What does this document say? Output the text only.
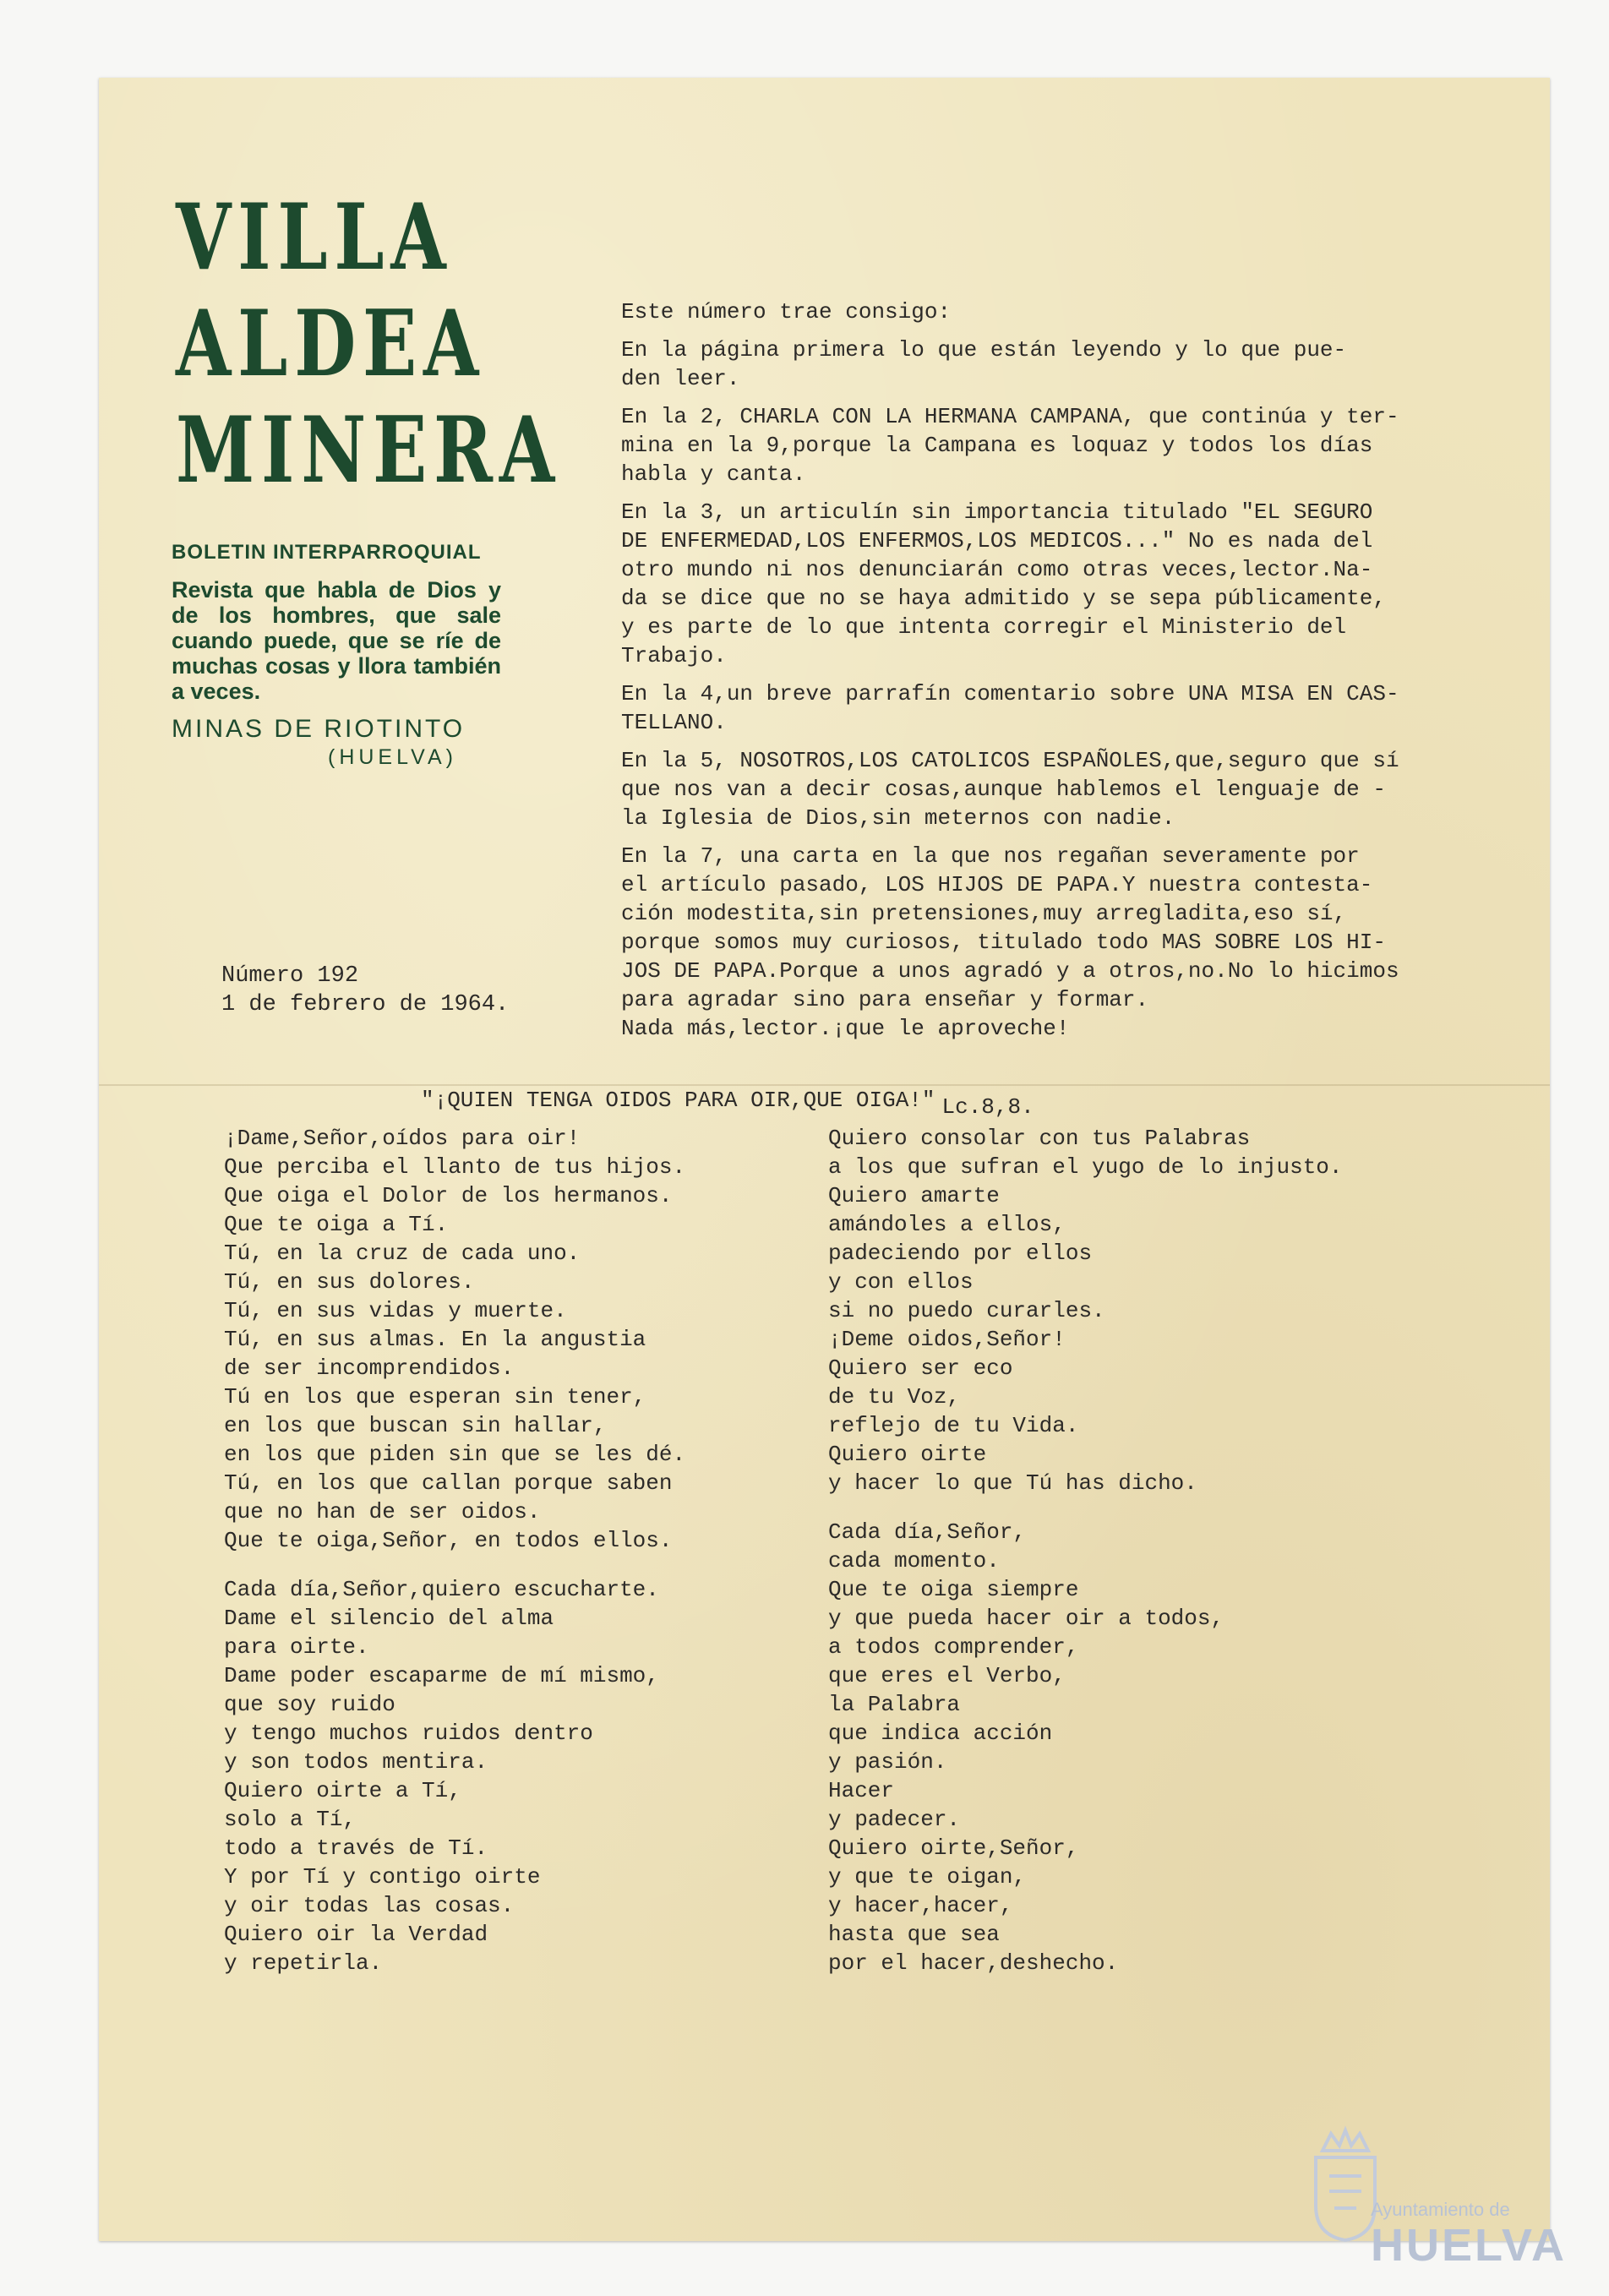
VILLA
ALDEA
MINERA
BOLETIN INTERPARROQUIAL
Revista que habla de Dios y de los hombres, que sale cuando puede, que se ríe de muchas cosas y llora también a veces.
MINAS DE RIOTINTO
(HUELVA)
Número 192
1 de febrero de 1964.

Este número trae consigo:

En la página primera lo que están leyendo y lo que pue-
den leer.

En la 2, CHARLA CON LA HERMANA CAMPANA, que continúa y ter-
mina en la 9,porque la Campana es loquaz y todos los días
habla y canta.

En la 3, un articulín sin importancia titulado "EL SEGURO
DE ENFERMEDAD,LOS ENFERMOS,LOS MEDICOS..." No es nada del
otro mundo ni nos denunciarán como otras veces,lector.Na-
da se dice que no se haya admitido y se sepa públicamente,
y es parte de lo que intenta corregir el Ministerio del
Trabajo.

En la 4,un breve parrafín comentario sobre UNA MISA EN CAS-
TELLANO.

En la 5, NOSOTROS,LOS CATOLICOS ESPAÑOLES,que,seguro que sí
que nos van a decir cosas,aunque hablemos el lenguaje de -
la Iglesia de Dios,sin meternos con nadie.

En la 7, una carta en la que nos regañan severamente por
el artículo pasado, LOS HIJOS DE PAPA.Y nuestra contesta-
ción modestita,sin pretensiones,muy arregladita,eso sí,
porque somos muy curiosos, titulado todo MAS SOBRE LOS HI-
JOS DE PAPA.Porque a unos agradó y a otros,no.No lo hicimos
para agradar sino para enseñar y formar.
Nada más,lector.¡que le aproveche!

"¡QUIEN TENGA OIDOS PARA OIR,QUE OIGA!" Lc.8,8.
¡Dame,Señor,oídos para oir!
Que perciba el llanto de tus hijos.
Que oiga el Dolor de los hermanos.
Que te oiga a Tí.
Tú, en la cruz de cada uno.
Tú, en sus dolores.
Tú, en sus vidas y muerte.
Tú, en sus almas. En la angustia
de ser incomprendidos.
Tú en los que esperan sin tener,
en los que buscan sin hallar,
en los que piden sin que se les dé.
Tú, en los que callan porque saben
que no han de ser oidos.
Que te oiga,Señor, en todos ellos.
Cada día,Señor,quiero escucharte.
Dame el silencio del alma
para oirte.
Dame poder escaparme de mí mismo,
que soy ruido
y tengo muchos ruidos dentro
y son todos mentira.
Quiero oirte a Tí,
solo a Tí,
todo a través de Tí.
Y por Tí y contigo oirte
y oir todas las cosas.
Quiero oir la Verdad
y repetirla.
Quiero consolar con tus Palabras
a los que sufran el yugo de lo injusto.
Quiero amarte
amándoles a ellos,
padeciendo por ellos
y con ellos
si no puedo curarles.
¡Deme oidos,Señor!
Quiero ser eco
de tu Voz,
reflejo de tu Vida.
Quiero oirte
y hacer lo que Tú has dicho.
Cada día,Señor,
cada momento.
Que te oiga siempre
y que pueda hacer oir a todos,
a todos comprender,
que eres el Verbo,
la Palabra
que indica acción
y pasión.
Hacer
y padecer.
Quiero oirte,Señor,
y que te oigan,
y hacer,hacer,
hasta que sea
por el hacer,deshecho.
Ayuntamiento de
HUELVA
